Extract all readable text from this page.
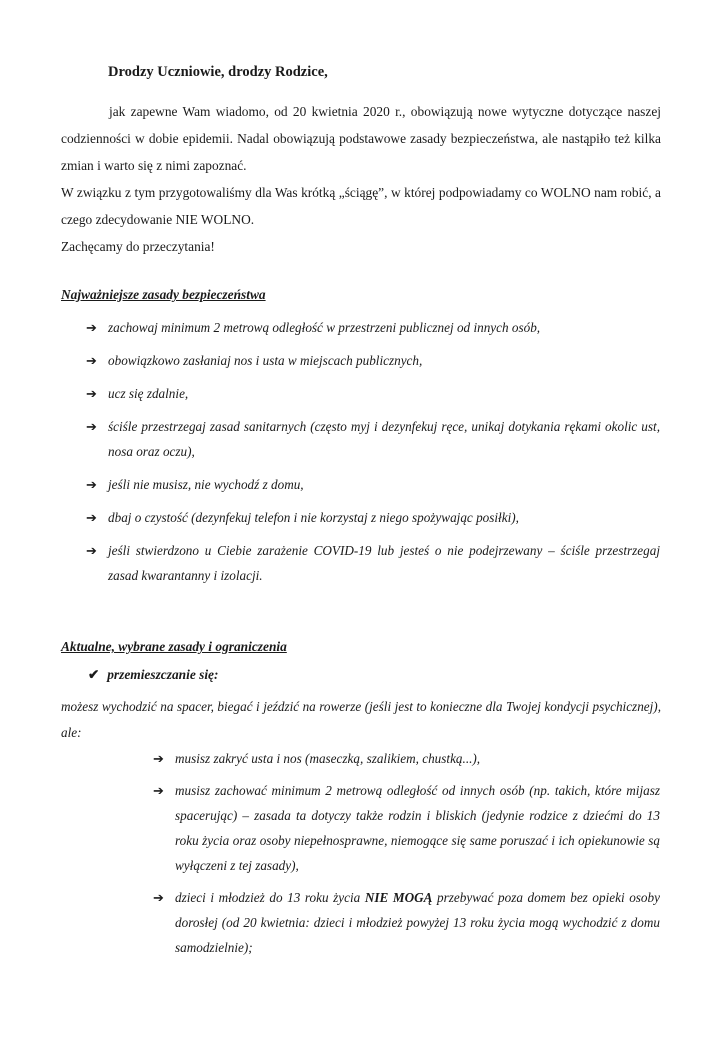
Drodzy Uczniowie, drodzy Rodzice,

jak zapewne Wam wiadomo, od 20 kwietnia 2020 r., obowiązują nowe wytyczne dotyczące naszej codzienności w dobie epidemii. Nadal obowiązują podstawowe zasady bezpieczeństwa, ale nastąpiło też kilka zmian i warto się z nimi zapoznać.

W związku z tym przygotowaliśmy dla Was krótką „ściągę”, w której podpowiadamy co WOLNO nam robić, a czego zdecydowanie NIE WOLNO.

Zachęcamy do przeczytania!

Najważniejsze zasady bezpieczeństwa
➔ zachowaj minimum 2 metrową odległość w przestrzeni publicznej od innych osób,
➔ obowiązkowo zasłaniaj nos i usta w miejscach publicznych,
➔ ucz się zdalnie,
➔ ściśle przestrzegaj zasad sanitarnych (często myj i dezynfekuj ręce, unikaj dotykania rękami okolic ust, nosa oraz oczu),
➔ jeśli nie musisz, nie wychodź z domu,
➔ dbaj o czystość (dezynfekuj telefon i nie korzystaj z niego spożywając posiłki),
➔ jeśli stwierdzono u Ciebie zarażenie COVID-19 lub jesteś o nie podejrzewany – ściśle przestrzegaj zasad kwarantanny i izolacji.
Aktualne, wybrane zasady i ograniczenia
✔ przemieszczanie się:
możesz wychodzić na spacer, biegać i jeździć na rowerze (jeśli jest to konieczne dla Twojej kondycji psychicznej), ale:
➔ musisz zakryć usta i nos (maseczką, szalikiem, chustką...),
➔ musisz zachować minimum 2 metrową odległość od innych osób (np. takich, które mijasz spacerując) – zasada ta dotyczy także rodzin i bliskich (jedynie rodzice z dziećmi do 13 roku życia oraz osoby niepełnosprawne, niemogące się same poruszać i ich opiekunowie są wyłączeni z tej zasady),
➔ dzieci i młodzież do 13 roku życia NIE MOGĄ przebywać poza domem bez opieki osoby dorosłej (od 20 kwietnia: dzieci i młodzież powyżej 13 roku życia mogą wychodzić z domu samodzielnie);
